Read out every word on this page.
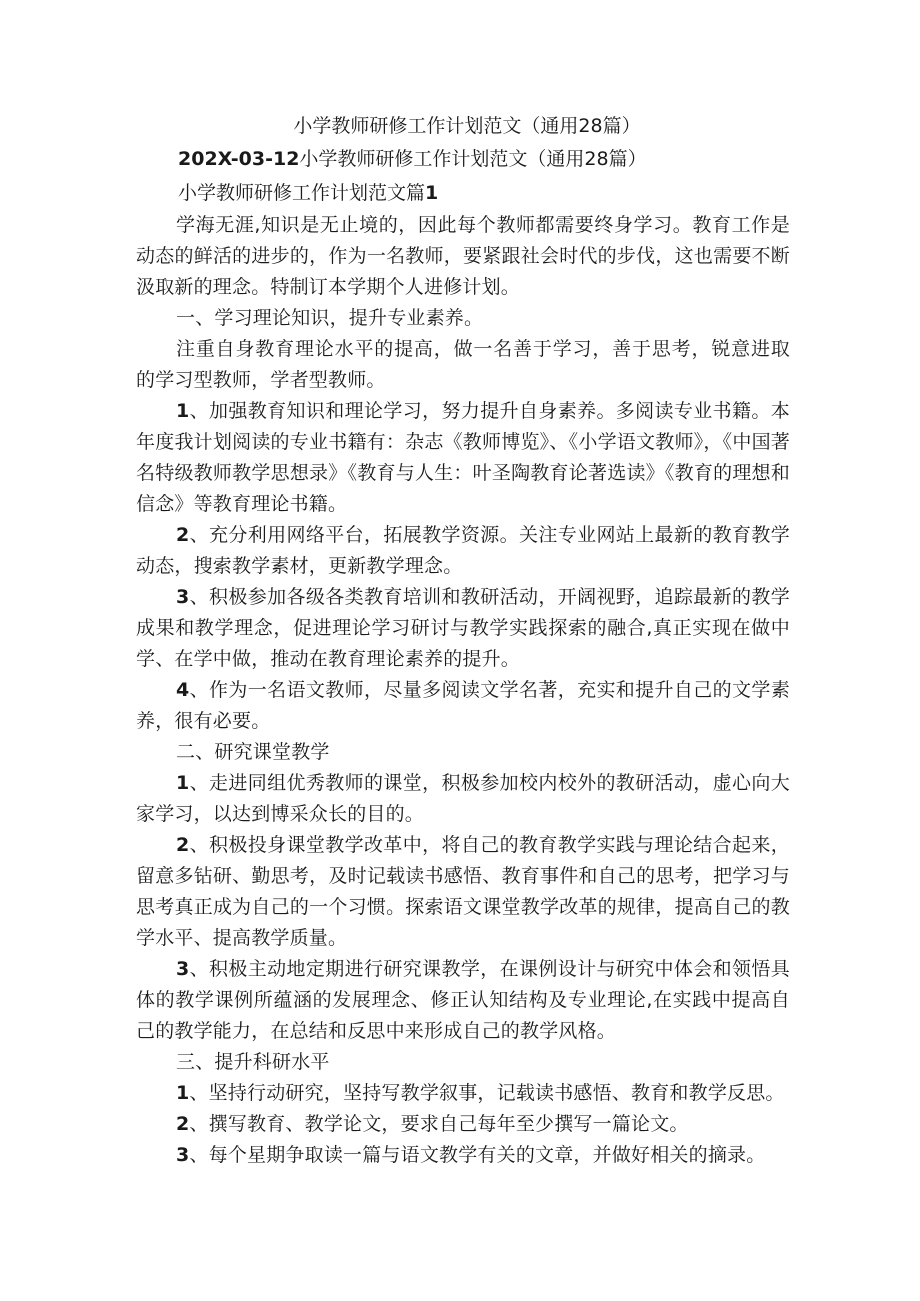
小学教师研修工作计划范文（通用28篇）
202X-03-12小学教师研修工作计划范文（通用28篇）
小学教师研修工作计划范文篇1

学海无涯,知识是无止境的，因此每个教师都需要终身学习。教育工作是动态的鲜活的进步的，作为一名教师，要紧跟社会时代的步伐，这也需要不断汲取新的理念。特制订本学期个人进修计划。

一、学习理论知识，提升专业素养。

注重自身教育理论水平的提高，做一名善于学习，善于思考，锐意进取的学习型教师，学者型教师。

1、加强教育知识和理论学习，努力提升自身素养。多阅读专业书籍。本年度我计划阅读的专业书籍有：杂志《教师博览》、《小学语文教师》，《中国著名特级教师教学思想录》《教育与人生：叶圣陶教育论著选读》《教育的理想和信念》等教育理论书籍。

2、充分利用网络平台，拓展教学资源。关注专业网站上最新的教育教学动态，搜索教学素材，更新教学理念。

3、积极参加各级各类教育培训和教研活动，开阔视野，追踪最新的教学成果和教学理念，促进理论学习研讨与教学实践探索的融合,真正实现在做中学、在学中做，推动在教育理论素养的提升。

4、作为一名语文教师，尽量多阅读文学名著，充实和提升自己的文学素养，很有必要。

二、研究课堂教学

1、走进同组优秀教师的课堂，积极参加校内校外的教研活动，虚心向大家学习，以达到博采众长的目的。

2、积极投身课堂教学改革中，将自己的教育教学实践与理论结合起来，留意多钻研、勤思考，及时记载读书感悟、教育事件和自己的思考，把学习与思考真正成为自己的一个习惯。探索语文课堂教学改革的规律，提高自己的教学水平、提高教学质量。

3、积极主动地定期进行研究课教学，在课例设计与研究中体会和领悟具体的教学课例所蕴涵的发展理念、修正认知结构及专业理论,在实践中提高自己的教学能力，在总结和反思中来形成自己的教学风格。

三、提升科研水平

1、坚持行动研究，坚持写教学叙事，记载读书感悟、教育和教学反思。

2、撰写教育、教学论文，要求自己每年至少撰写一篇论文。

3、每个星期争取读一篇与语文教学有关的文章，并做好相关的摘录。
